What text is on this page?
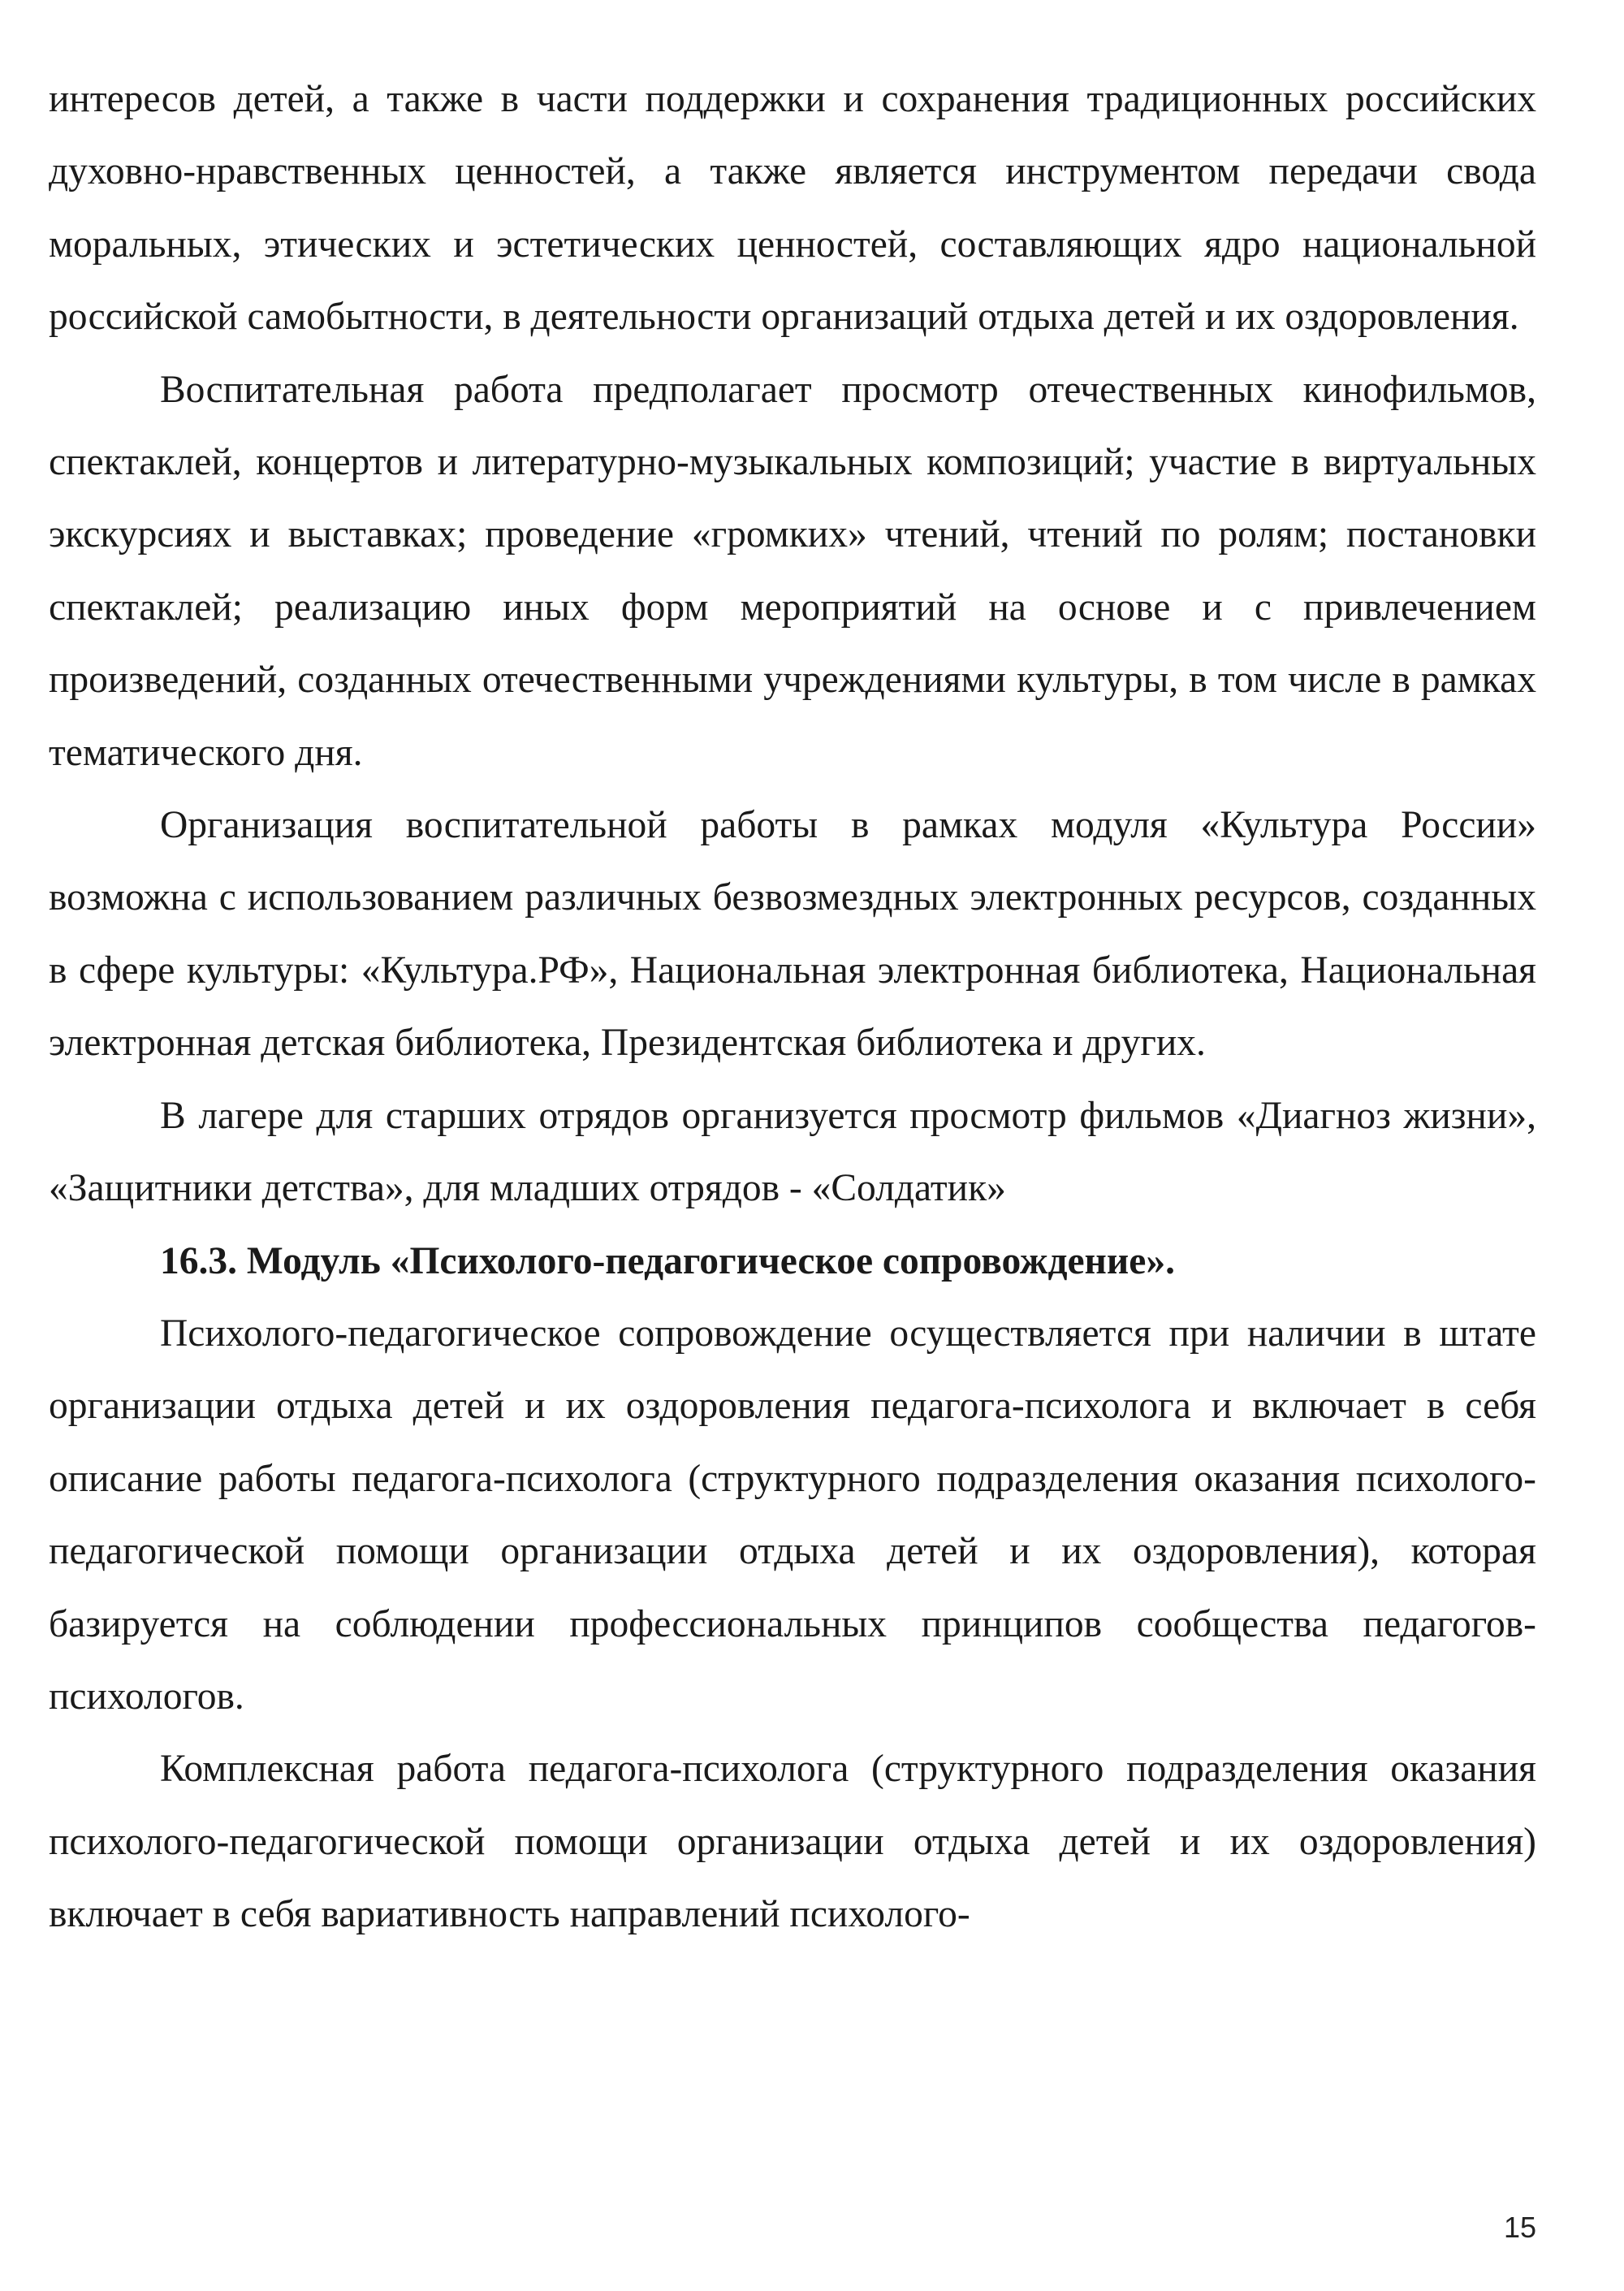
интересов детей, а также в части поддержки и сохранения традиционных российских духовно-нравственных ценностей, а также является инструментом передачи свода моральных, этических и эстетических ценностей, составляющих ядро национальной российской самобытности, в деятельности организаций отдыха детей и их оздоровления.

Воспитательная работа предполагает просмотр отечественных кинофильмов, спектаклей, концертов и литературно-музыкальных композиций; участие в виртуальных экскурсиях и выставках; проведение «громких» чтений, чтений по ролям; постановки спектаклей; реализацию иных форм мероприятий на основе и с привлечением произведений, созданных отечественными учреждениями культуры, в том числе в рамках тематического дня.

Организация воспитательной работы в рамках модуля «Культура России» возможна с использованием различных безвозмездных электронных ресурсов, созданных в сфере культуры: «Культура.РФ», Национальная электронная библиотека, Национальная электронная детская библиотека, Президентская библиотека и других.

В лагере для старших отрядов организуется просмотр фильмов «Диагноз жизни», «Защитники детства», для младших отрядов - «Солдатик»

16.3. Модуль «Психолого-педагогическое сопровождение».

Психолого-педагогическое сопровождение осуществляется при наличии в штате организации отдыха детей и их оздоровления педагога-психолога и включает в себя описание работы педагога-психолога (структурного подразделения оказания психолого-педагогической помощи организации отдыха детей и их оздоровления), которая базируется на соблюдении профессиональных принципов сообщества педагогов-психологов.

Комплексная работа педагога-психолога (структурного подразделения оказания психолого-педагогической помощи организации отдыха детей и их оздоровления) включает в себя вариативность направлений психолого-

15
